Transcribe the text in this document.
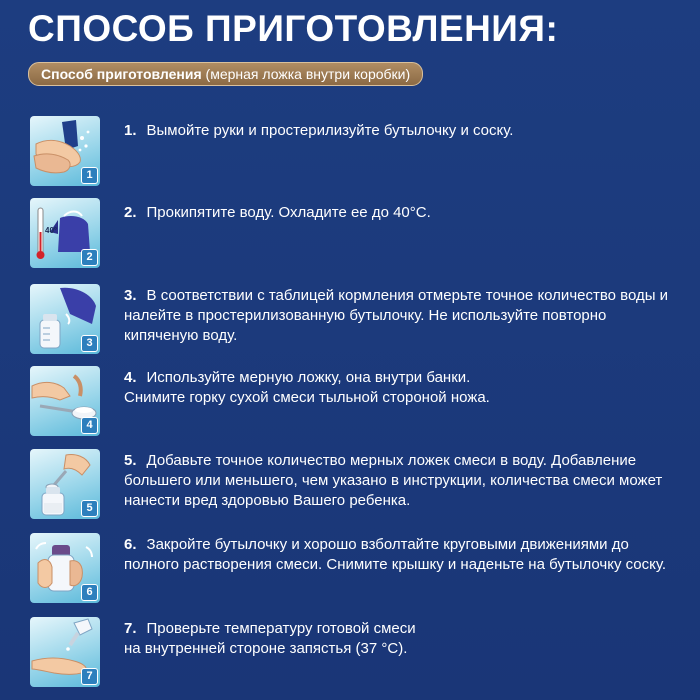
СПОСОБ ПРИГОТОВЛЕНИЯ:
Способ приготовления (мерная ложка внутри коробки)
1
1. Вымойте руки и простерилизуйте бутылочку и соску.
40°
2
2. Прокипятите воду. Охладите ее до 40°С.
3
3. В соответствии с таблицей кормления отмерьте точное количество воды и налейте в простерилизованную бутылочку. Не используйте повторно кипяченую воду.
4
4. Используйте мерную ложку, она внутри банки.
Снимите горку сухой смеси тыльной стороной ножа.
5
5. Добавьте точное количество мерных ложек смеси в воду. Добавление большего или меньшего, чем указано в инструкции, количества смеси может нанести вред здоровью Вашего ребенка.
6
6. Закройте бутылочку и хорошо взболтайте круговыми движениями до полного растворения смеси. Снимите крышку и наденьте на бутылочку соску.
7
7. Проверьте температуру готовой смеси
на внутренней стороне запястья (37 °С).
